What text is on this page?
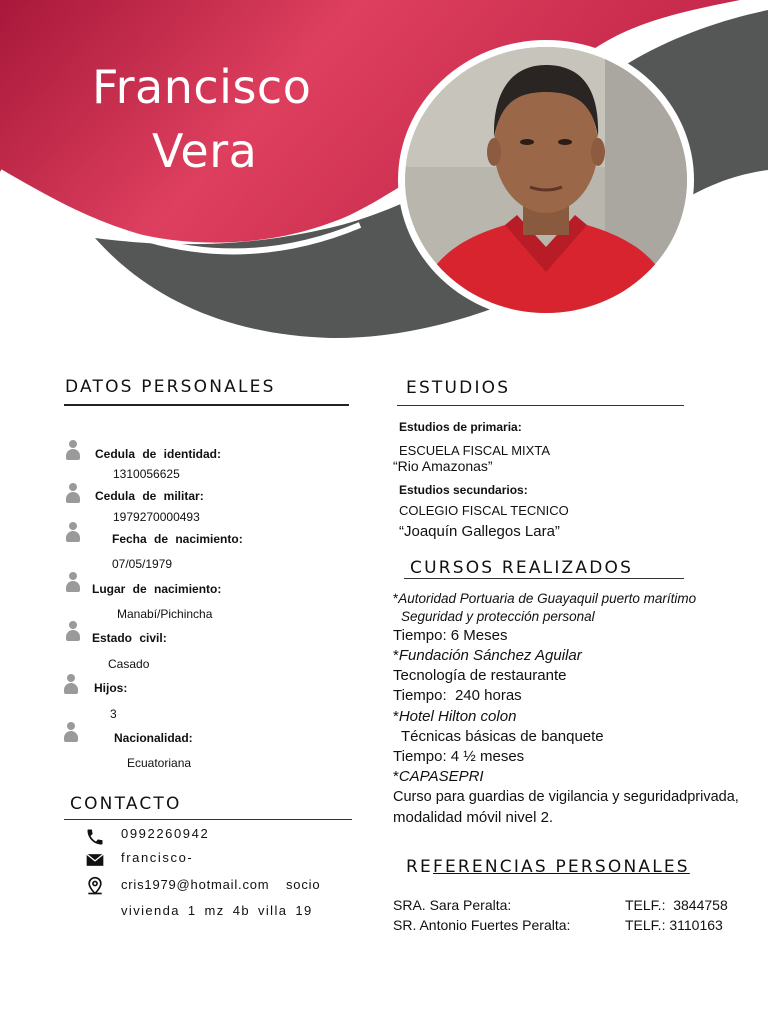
Francisco
Vera
DATOS PERSONALES
Cedula de identidad:
1310056625
Cedula de militar:
1979270000493
Fecha de nacimiento:
07/05/1979
Lugar de nacimiento:
Manabí/Pichincha
Estado civil:
Casado
Hijos:
3
Nacionalidad:
Ecuatoriana
CONTACTO
0992260942
francisco-
cris1979@hotmail.com socio
vivienda 1 mz 4b villa 19
ESTUDIOS
Estudios de primaria:
ESCUELA FISCAL MIXTA
“Rio Amazonas”
Estudios secundarios:
COLEGIO FISCAL TECNICO
“Joaquín Gallegos Lara”
CURSOS REALIZADOS
*Autoridad Portuaria de Guayaquil puerto marítimo
Seguridad y protección personal
Tiempo: 6 Meses
*Fundación Sánchez Aguilar
Tecnología de restaurante
Tiempo:  240 horas
*Hotel Hilton colon
Técnicas básicas de banquete
Tiempo: 4 ½ meses
*CAPASEPRI
Curso para guardias de vigilancia y seguridadprivada,
modalidad móvil nivel 2.
REFERENCIAS PERSONALES
SRA. Sara Peralta:	TELF.:  3844758
SR. Antonio Fuertes Peralta:	TELF.: 3110163
